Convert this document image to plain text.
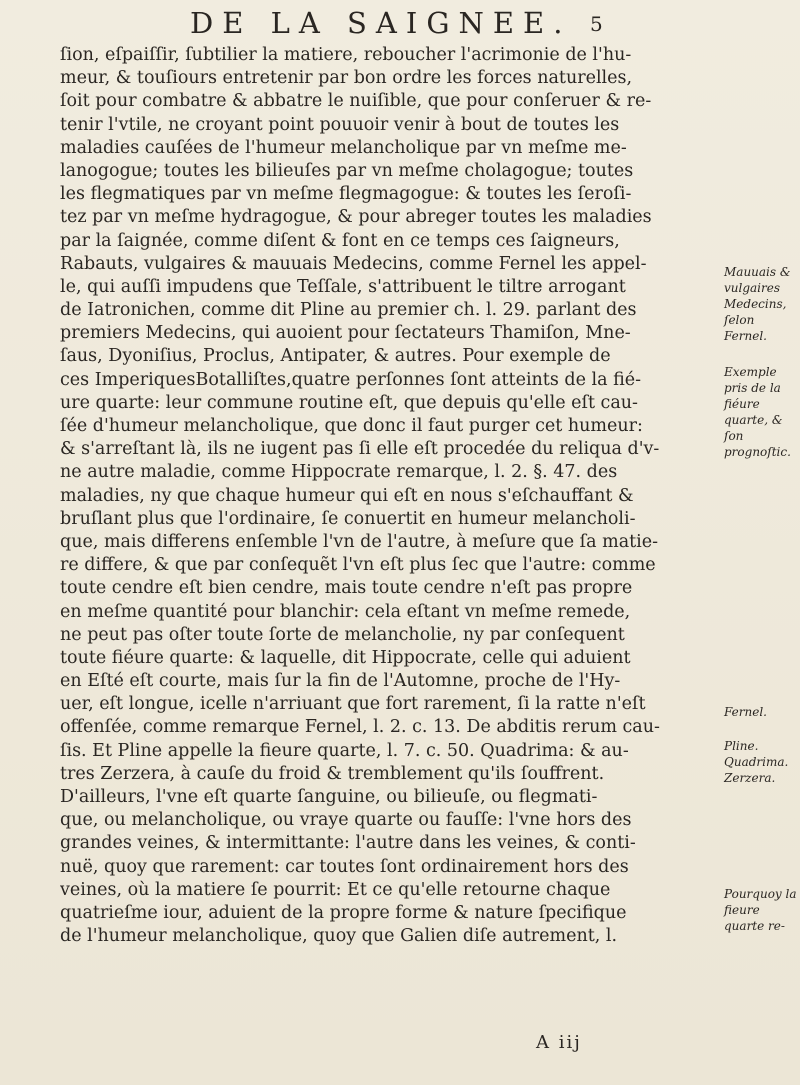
DE LA SAIGNEE. 5
ſion, eſpaiſſir, ſubtilier la matiere, reboucher l'acrimonie de l'hu-
meur, & touſiours entretenir par bon ordre les forces naturelles,
ſoit pour combatre & abbatre le nuiſible, que pour conſeruer & re-
tenir l'vtile, ne croyant point pouuoir venir à bout de toutes les
maladies cauſées de l'humeur melancholique par vn meſme me-
lanogogue; toutes les bilieuſes par vn meſme cholagogue; toutes
les flegmatiques par vn meſme flegmagogue: & toutes les ſeroſi-
tez par vn meſme hydragogue, & pour abreger toutes les maladies
par la ſaignée, comme diſent & font en ce temps ces ſaigneurs,
Rabauts, vulgaires & mauuais Medecins, comme Fernel les appel-
le, qui auſſi impudens que Teſſale, s'attribuent le tiltre arrogant
de Iatronichen, comme dit Pline au premier ch. l. 29. parlant des
premiers Medecins, qui auoient pour ſectateurs Thamiſon, Mne-
ſaus, Dyoniſius, Proclus, Antipater, & autres. Pour exemple de
ces ImperiquesBotalliſtes,quatre perſonnes ſont atteints de la fié-
ure quarte: leur commune routine eſt, que depuis qu'elle eſt cau-
ſée d'humeur melancholique, que donc il faut purger cet humeur:
& s'arreſtant là, ils ne iugent pas ſi elle eſt procedée du reliqua d'v-
ne autre maladie, comme Hippocrate remarque, l. 2. §. 47. des
maladies, ny que chaque humeur qui eſt en nous s'eſchauffant &
bruſlant plus que l'ordinaire, ſe conuertit en humeur melancholi-
que, mais differens enſemble l'vn de l'autre, à meſure que ſa matie-
re differe, & que par conſequẽt l'vn eſt plus ſec que l'autre: comme
toute cendre eſt bien cendre, mais toute cendre n'eſt pas propre
en meſme quantité pour blanchir: cela eſtant vn meſme remede,
ne peut pas oſter toute ſorte de melancholie, ny par conſequent
toute fiéure quarte: & laquelle, dit Hippocrate, celle qui aduient
en Eſté eſt courte, mais ſur la fin de l'Automne, proche de l'Hy-
uer, eſt longue, icelle n'arriuant que fort rarement, ſi la ratte n'eſt
offenſée, comme remarque Fernel, l. 2. c. 13. De abditis rerum cau-
ſis. Et Pline appelle la fieure quarte, l. 7. c. 50. Quadrima: & au-
tres Zerzera, à cauſe du froid & tremblement qu'ils ſouffrent.
D'ailleurs, l'vne eſt quarte ſanguine, ou bilieuſe, ou flegmati-
que, ou melancholique, ou vraye quarte ou fauſſe: l'vne hors des
grandes veines, & intermittante: l'autre dans les veines, & conti-
nuë, quoy que rarement: car toutes ſont ordinairement hors des
veines, où la matiere ſe pourrit: Et ce qu'elle retourne chaque
quatrieſme iour, aduient de la propre forme & nature ſpecifique
de l'humeur melancholique, quoy que Galien diſe autrement, l.
Mauuais & vulgaires Medecins, ſelon Fernel.
Exemple pris de la fiéure quarte, & ſon prognoſtic.
Fernel.
Pline. Quadrima. Zerzera.
Pourquoy la fieure quarte re-
A iij
